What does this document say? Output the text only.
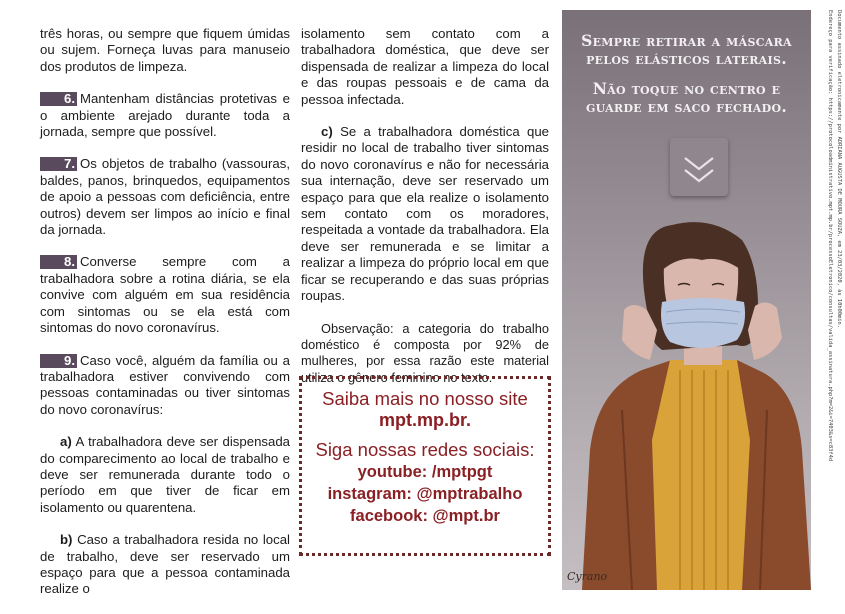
três horas, ou sempre que fiquem úmidas ou sujem. Forneça luvas para manuseio dos produtos de limpeza.

6. Mantenham distâncias protetivas e o ambiente arejado durante toda a jornada, sempre que possível.

7. Os objetos de trabalho (vassouras, baldes, panos, brinquedos, equipamentos de apoio a pessoas com deficiência, entre outros) devem ser limpos ao início e final da jornada.

8. Converse sempre com a trabalhadora sobre a rotina diária, se ela convive com alguém em sua residência com sintomas ou se ela está com sintomas do novo coronavírus.

9. Caso você, alguém da família ou a trabalhadora estiver convivendo com pessoas contaminadas ou tiver sintomas do novo coronavírus:

a) A trabalhadora deve ser dispensada do comparecimento ao local de trabalho e deve ser remunerada durante todo o período em que tiver de ficar em isolamento ou quarentena.

b) Caso a trabalhadora resida no local de trabalho, deve ser reservado um espaço para que a pessoa contaminada realize o

isolamento sem contato com a trabalhadora doméstica, que deve ser dispensada de realizar a limpeza do local e das roupas pessoais e de cama da pessoa infectada.

c) Se a trabalhadora doméstica que residir no local de trabalho tiver sintomas do novo coronavírus e não for necessária sua internação, deve ser reservado um espaço para que ela realize o isolamento sem contato com os moradores, respeitada a vontade da trabalhadora. Ela deve ser remunerada e se limitar a realizar a limpeza do próprio local em que ficar se recuperando e das suas próprias roupas.

Observação: a categoria do trabalho doméstico é composta por 92% de mulheres, por essa razão este material utiliza o gênero feminino no texto.

Saiba mais no nosso site
mpt.mp.br.
Siga nossas redes sociais:
youtube: /mptpgt
instagram: @mptrabalho
facebook: @mpt.br
Sempre retirar a máscara pelos elásticos laterais.
Não toque no centro e guarde em saco fechado.
Cyrano
Documento assinado eletronicamente por ADRIANA AUGUSTA DE MOURA SOUZA, em 23/03/2020, às 10h00min.
Endereço para verificação: https://protocoloadministrativo.mpt.mp.br/processoEletronico/consultas/valida_assinatura.php?m=2&i=7403&s=c83f4d
